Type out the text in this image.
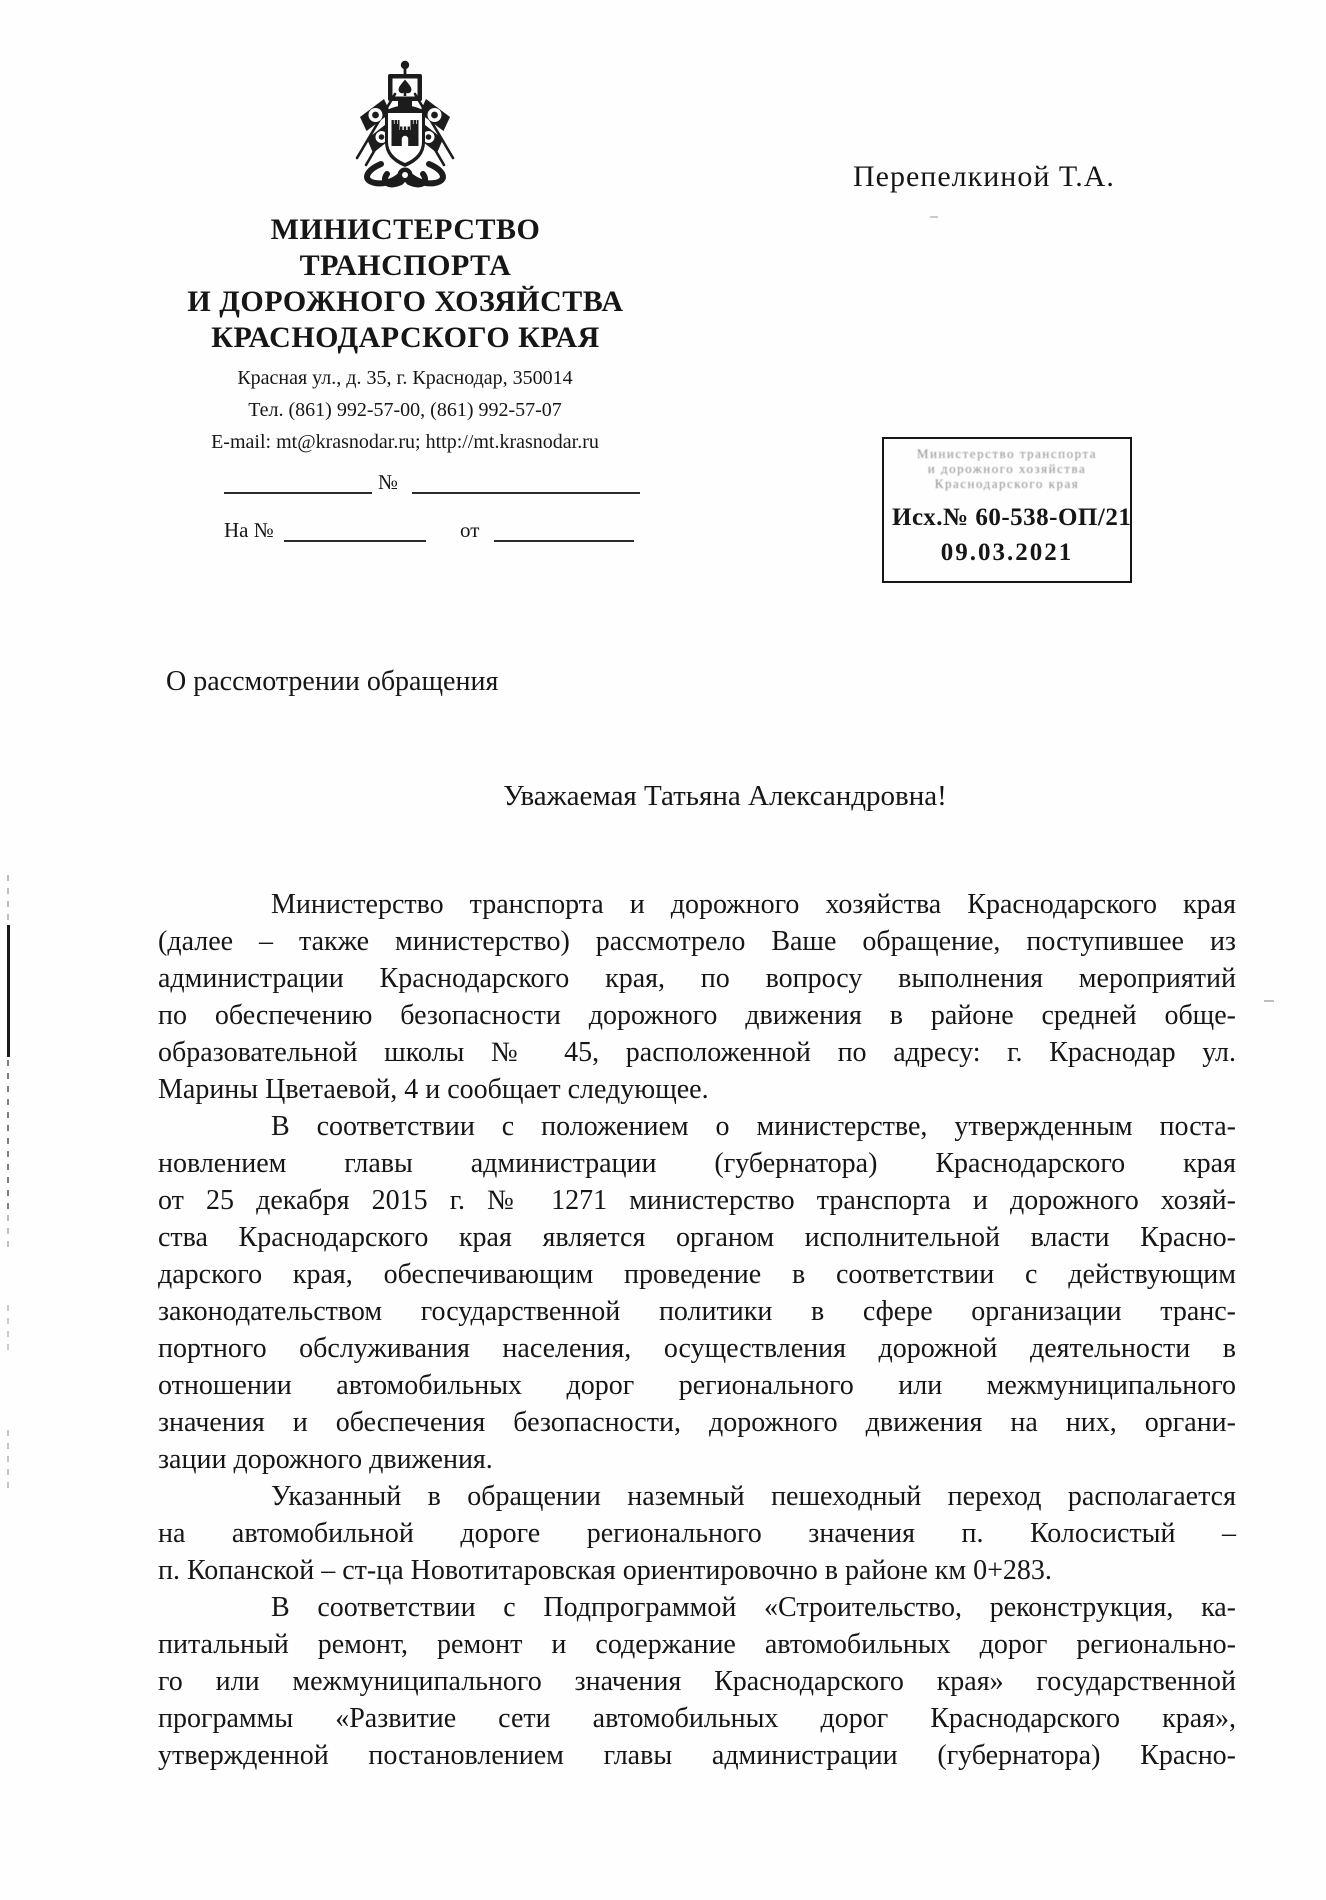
Перепелкиной Т.А.
МИНИСТЕРСТВО
ТРАНСПОРТА
И ДОРОЖНОГО ХОЗЯЙСТВА
КРАСНОДАРСКОГО КРАЯ
Красная ул., д. 35, г. Краснодар, 350014
Тел. (861) 992-57-00, (861) 992-57-07
E-mail: mt@krasnodar.ru; http://mt.krasnodar.ru
№
На №	от
Министерство транспорта
и дорожного хозяйства
Краснодарского края
Исх.№ 60-538-ОП/21
09.03.2021
О рассмотрении обращения
Уважаемая Татьяна Александровна!
Министерство транспорта и дорожного хозяйства Краснодарского края
(далее – также министерство) рассмотрело Ваше обращение, поступившее из
администрации Краснодарского края, по вопросу выполнения мероприятий
по обеспечению безопасности дорожного движения в районе средней обще-
образовательной школы № 45, расположенной по адресу: г. Краснодар ул.
Марины Цветаевой, 4 и сообщает следующее.
В соответствии с положением о министерстве, утвержденным поста-
новлением главы администрации (губернатора) Краснодарского края
от 25 декабря 2015 г. № 1271 министерство транспорта и дорожного хозяй-
ства Краснодарского края является органом исполнительной власти Красно-
дарского края, обеспечивающим проведение в соответствии с действующим
законодательством государственной политики в сфере организации транс-
портного обслуживания населения, осуществления дорожной деятельности в
отношении автомобильных дорог регионального или межмуниципального
значения и обеспечения безопасности, дорожного движения на них, органи-
зации дорожного движения.
Указанный в обращении наземный пешеходный переход располагается
на автомобильной дороге регионального значения п. Колосистый –
п. Копанской – ст-ца Новотитаровская ориентировочно в районе км 0+283.
В соответствии с Подпрограммой «Строительство, реконструкция, ка-
питальный ремонт, ремонт и содержание автомобильных дорог регионально-
го или межмуниципального значения Краснодарского края» государственной
программы «Развитие сети автомобильных дорог Краснодарского края»,
утвержденной постановлением главы администрации (губернатора) Красно-
